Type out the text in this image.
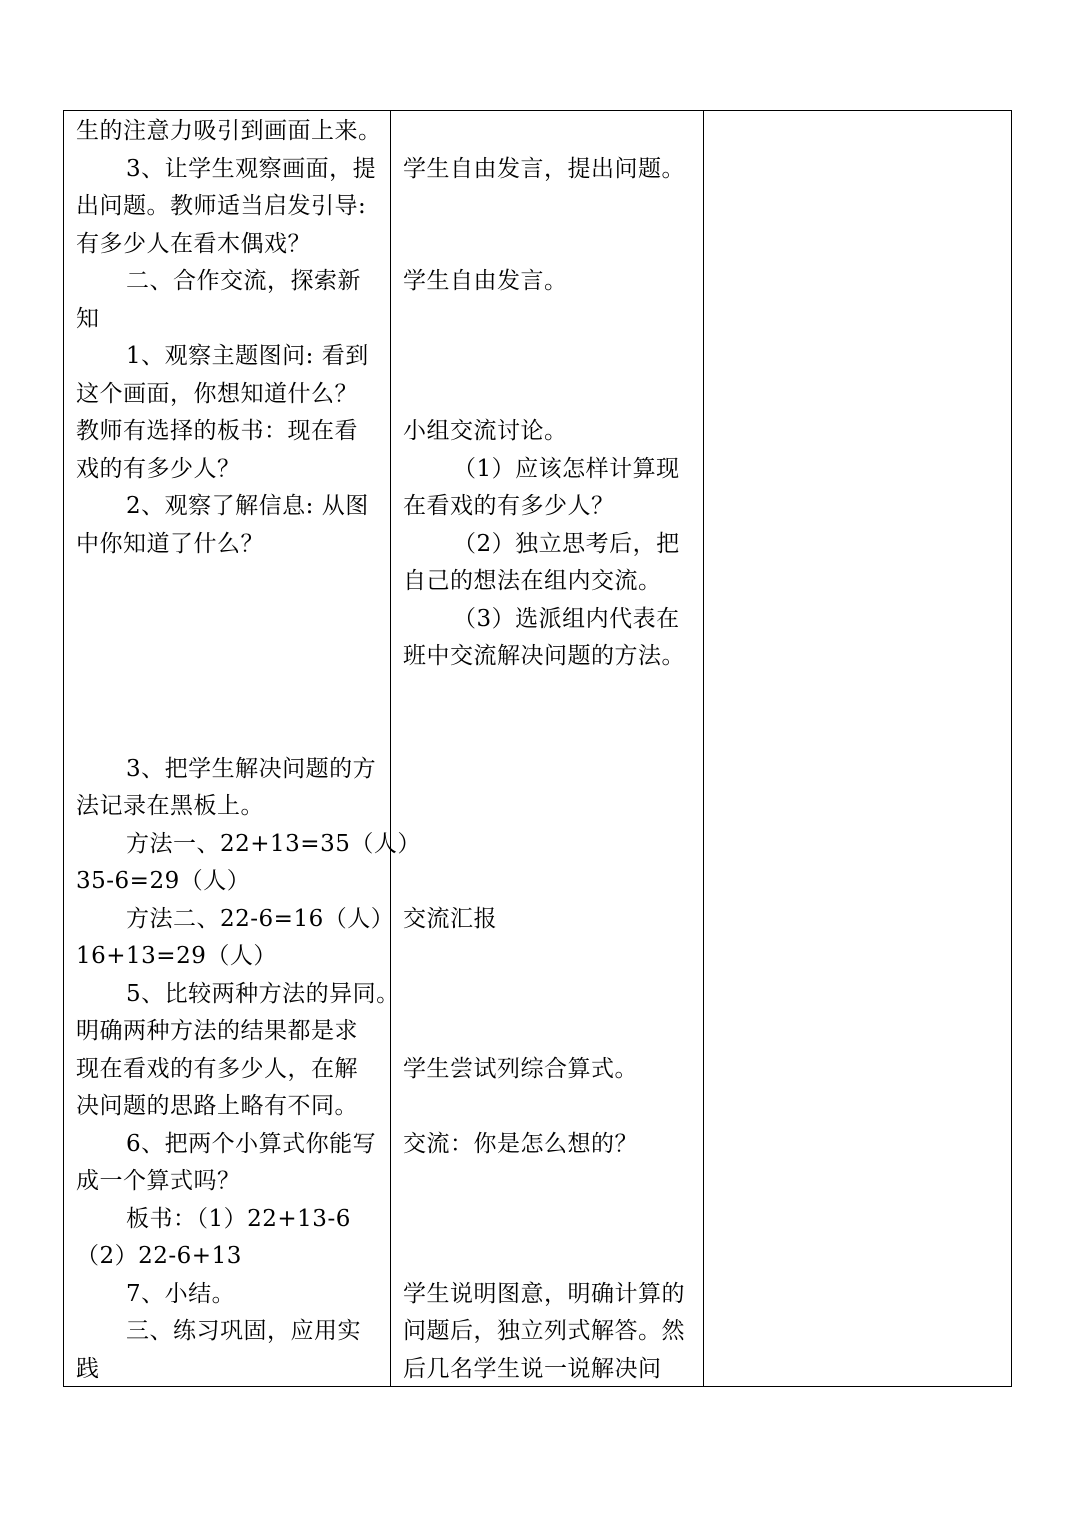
生的注意力吸引到画面上来。
3、让学生观察画面，提
出问题。教师适当启发引导:
有多少人在看木偶戏？
二、合作交流，探索新
知
1、观察主题图问: 看到
这个画面，你想知道什么？
教师有选择的板书：现在看
戏的有多少人？
2、观察了解信息: 从图
中你知道了什么？
3、把学生解决问题的方
法记录在黑板上。
方法一、22+13=35（人）
35-6=29（人）
方法二、22-6=16（人）
16+13=29（人）
5、比较两种方法的异同。
明确两种方法的结果都是求
现在看戏的有多少人，在解
决问题的思路上略有不同。
6、把两个小算式你能写
成一个算式吗？
板书：（1）22+13-6
（2）22-6+13
7、小结。
三、练习巩固，应用实
践
学生自由发言，提出问题。
学生自由发言。
小组交流讨论。
（1）应该怎样计算现
在看戏的有多少人？
（2）独立思考后，把
自己的想法在组内交流。
（3）选派组内代表在
班中交流解决问题的方法。
交流汇报
学生尝试列综合算式。
交流：你是怎么想的？
学生说明图意，明确计算的
问题后，独立列式解答。然
后几名学生说一说解决问
